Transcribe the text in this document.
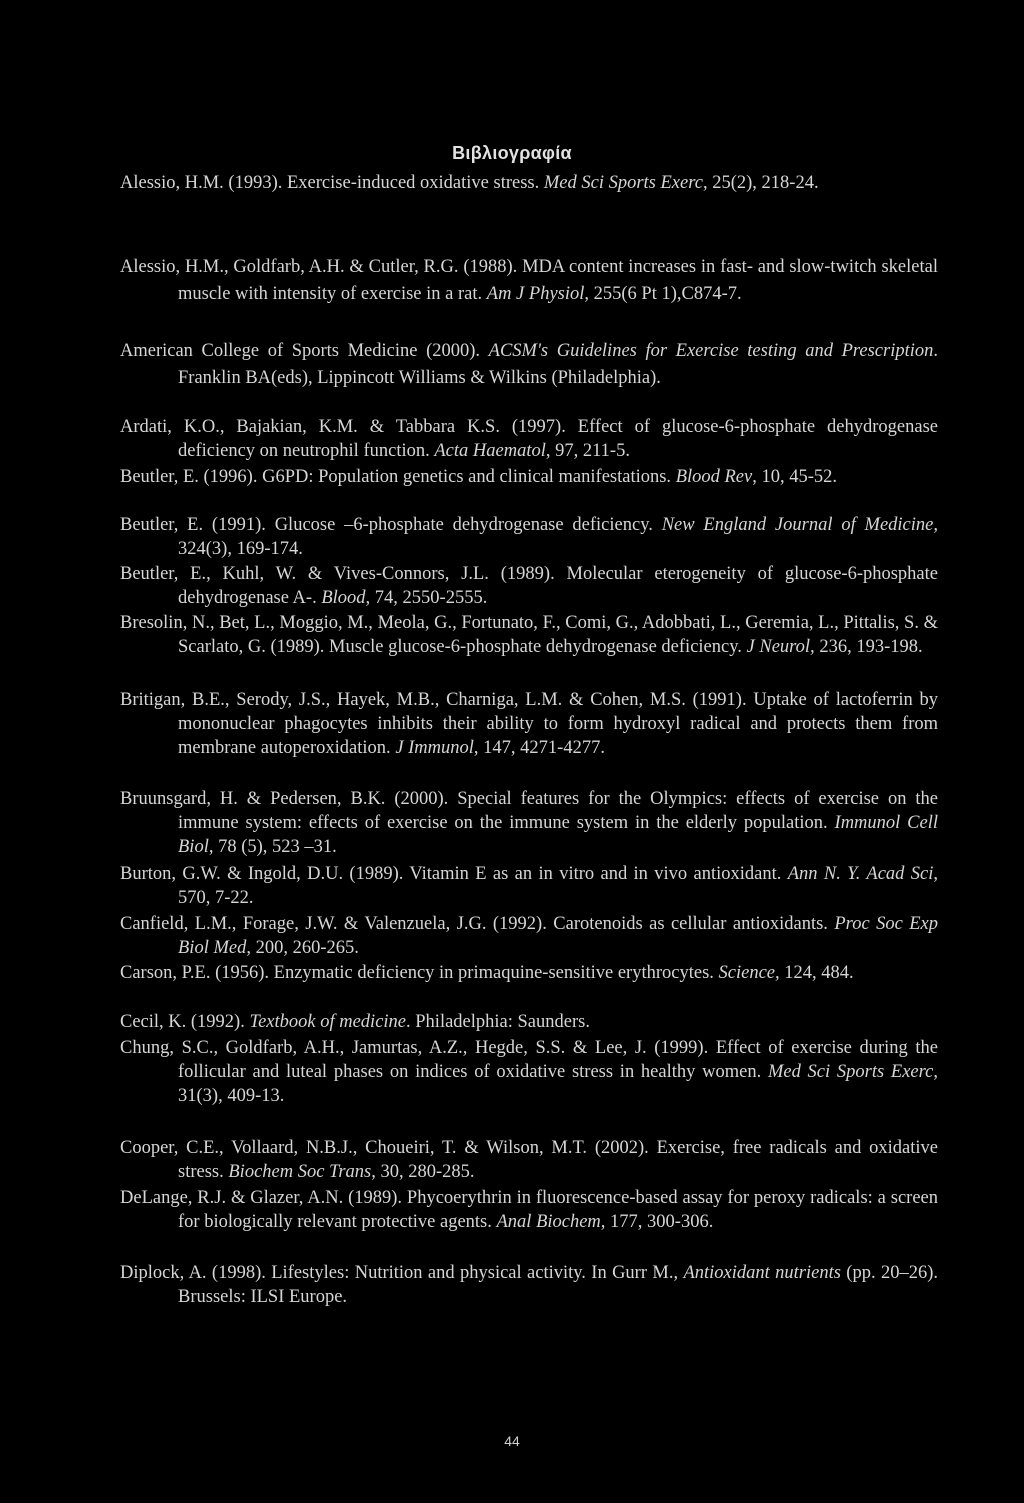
Βιβλιογραφία

Alessio, H.M. (1993). Exercise-induced oxidative stress. Med Sci Sports Exerc, 25(2), 218-24.

Alessio, H.M., Goldfarb, A.H. & Cutler, R.G. (1988). MDA content increases in fast- and slow-twitch skeletal muscle with intensity of exercise in a rat. Am J Physiol, 255(6 Pt 1),C874-7.

American College of Sports Medicine (2000). ACSM's Guidelines for Exercise testing and Prescription. Franklin BA(eds), Lippincott Williams & Wilkins (Philadelphia).

Ardati, K.O., Bajakian, K.M. & Tabbara K.S. (1997). Effect of glucose-6-phosphate dehydrogenase deficiency on neutrophil function. Acta Haematol, 97, 211-5.

Beutler, E. (1996). G6PD: Population genetics and clinical manifestations. Blood Rev, 10, 45-52.

Beutler, E. (1991). Glucose –6-phosphate dehydrogenase deficiency. New England Journal of Medicine, 324(3), 169-174.

Beutler, E., Kuhl, W. & Vives-Connors, J.L. (1989). Molecular eterogeneity of glucose-6-phosphate dehydrogenase A-. Blood, 74, 2550-2555.

Bresolin, N., Bet, L., Moggio, M., Meola, G., Fortunato, F., Comi, G., Adobbati, L., Geremia, L., Pittalis, S. & Scarlato, G. (1989). Muscle glucose-6-phosphate dehydrogenase deficiency. J Neurol, 236, 193-198.

Britigan, B.E., Serody, J.S., Hayek, M.B., Charniga, L.M. & Cohen, M.S. (1991). Uptake of lactoferrin by mononuclear phagocytes inhibits their ability to form hydroxyl radical and protects them from membrane autoperoxidation. J Immunol, 147, 4271-4277.

Bruunsgard, H. & Pedersen, B.K. (2000). Special features for the Olympics: effects of exercise on the immune system: effects of exercise on the immune system in the elderly population. Immunol Cell Biol, 78 (5), 523 –31.

Burton, G.W. & Ingold, D.U. (1989). Vitamin E as an in vitro and in vivo antioxidant. Ann N. Y. Acad Sci, 570, 7-22.

Canfield, L.M., Forage, J.W. & Valenzuela, J.G. (1992). Carotenoids as cellular antioxidants. Proc Soc Exp Biol Med, 200, 260-265.

Carson, P.E. (1956). Enzymatic deficiency in primaquine-sensitive erythrocytes. Science, 124, 484.

Cecil, K. (1992). Textbook of medicine. Philadelphia: Saunders.

Chung, S.C., Goldfarb, A.H., Jamurtas, A.Z., Hegde, S.S. & Lee, J. (1999). Effect of exercise during the follicular and luteal phases on indices of oxidative stress in healthy women. Med Sci Sports Exerc, 31(3), 409-13.

Cooper, C.E., Vollaard, N.B.J., Choueiri, T. & Wilson, M.T. (2002). Exercise, free radicals and oxidative stress. Biochem Soc Trans, 30, 280-285.

DeLange, R.J. & Glazer, A.N. (1989). Phycoerythrin in fluorescence-based assay for peroxy radicals: a screen for biologically relevant protective agents. Anal Biochem, 177, 300-306.

Diplock, A. (1998). Lifestyles: Nutrition and physical activity. In Gurr M., Antioxidant nutrients (pp. 20–26). Brussels: ILSI Europe.

44
